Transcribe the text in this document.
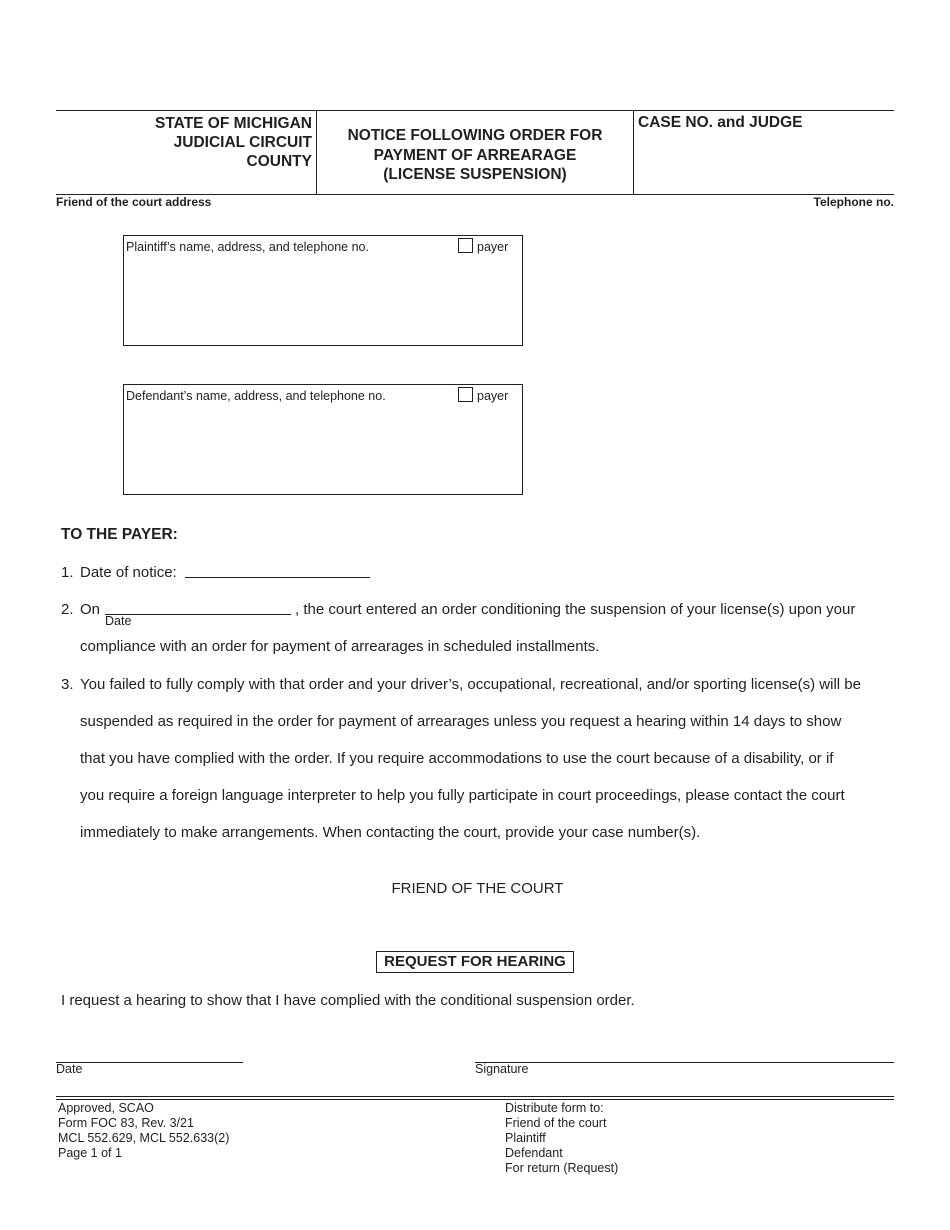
STATE OF MICHIGAN
JUDICIAL CIRCUIT
COUNTY
NOTICE FOLLOWING ORDER FOR
PAYMENT OF ARREARAGE
(LICENSE SUSPENSION)
CASE NO. and JUDGE
Friend of the court address	Telephone no.
Plaintiff’s name, address, and telephone no.	payer
Defendant’s name, address, and telephone no.	payer
TO THE PAYER:
1. Date of notice:
2. On
Date
, the court entered an order conditioning the suspension of your license(s) upon your
compliance with an order for payment of arrearages in scheduled installments.
3. You failed to fully comply with that order and your driver’s, occupational, recreational, and/or sporting license(s) will be
suspended as required in the order for payment of arrearages unless you request a hearing within 14 days to show
that you have complied with the order. If you require accommodations to use the court because of a disability, or if
you require a foreign language interpreter to help you fully participate in court proceedings, please contact the court
immediately to make arrangements. When contacting the court, provide your case number(s).
FRIEND OF THE COURT
REQUEST FOR HEARING
I request a hearing to show that I have complied with the conditional suspension order.
Date	Signature
Approved, SCAO
Form FOC 83, Rev. 3/21
MCL 552.629, MCL 552.633(2)
Page 1 of 1
Distribute form to:
Friend of the court
Plaintiff
Defendant
For return (Request)
